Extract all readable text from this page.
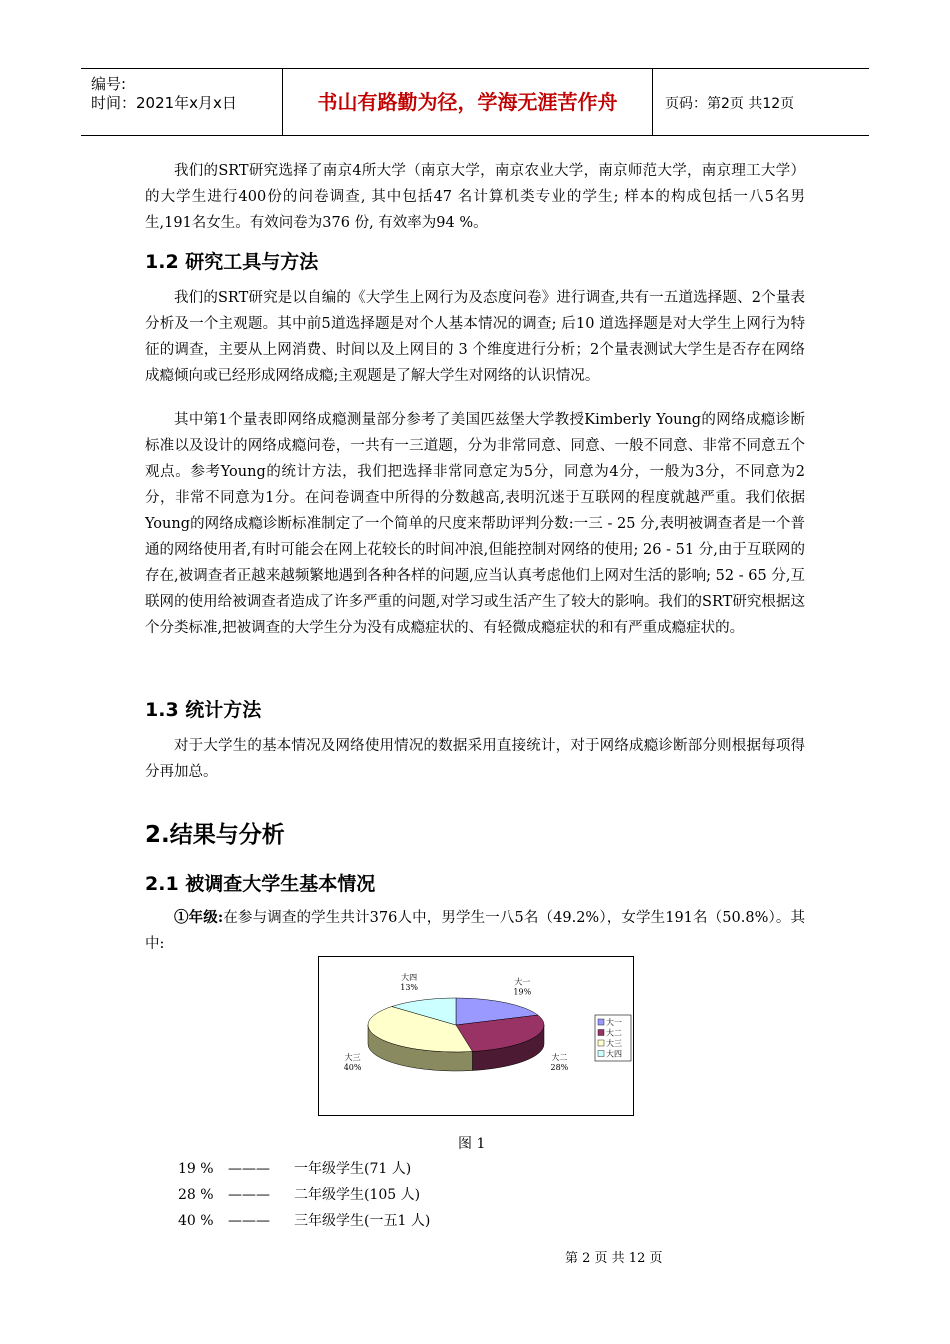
编号:
时间：2021年x月x日	书山有路勤为径，学海无涯苦作舟	页码：第2页 共12页

我们的SRT研究选择了南京4所大学（南京大学，南京农业大学，南京师范大学，南京理工大学）的大学生进行400份的问卷调查, 其中包括47 名计算机类专业的学生; 样本的构成包括一八5名男生,191名女生。有效问卷为376 份, 有效率为94 %。

1.2 研究工具与方法

我们的SRT研究是以自编的《大学生上网行为及态度问卷》进行调查,共有一五道选择题、2个量表分析及一个主观题。其中前5道选择题是对个人基本情况的调查; 后10 道选择题是对大学生上网行为特征的调查，主要从上网消费、时间以及上网目的 3 个维度进行分析；2个量表测试大学生是否存在网络成瘾倾向或已经形成网络成瘾;主观题是了解大学生对网络的认识情况。

其中第1个量表即网络成瘾测量部分参考了美国匹兹堡大学教授Kimberly Young的网络成瘾诊断标准以及设计的网络成瘾问卷，一共有一三道题，分为非常同意、同意、一般不同意、非常不同意五个观点。参考Young的统计方法，我们把选择非常同意定为5分，同意为4分，一般为3分，不同意为2分，非常不同意为1分。在问卷调查中所得的分数越高,表明沉迷于互联网的程度就越严重。我们依据Young的网络成瘾诊断标准制定了一个简单的尺度来帮助评判分数:一三 - 25 分,表明被调查者是一个普通的网络使用者,有时可能会在网上花较长的时间冲浪,但能控制对网络的使用; 26 - 51 分,由于互联网的存在,被调查者正越来越频繁地遇到各种各样的问题,应当认真考虑他们上网对生活的影响; 52 - 65 分,互联网的使用给被调查者造成了许多严重的问题,对学习或生活产生了较大的影响。我们的SRT研究根据这个分类标准,把被调查的大学生分为没有成瘾症状的、有轻微成瘾症状的和有严重成瘾症状的。

1.3 统计方法

对于大学生的基本情况及网络使用情况的数据采用直接统计，对于网络成瘾诊断部分则根据每项得分再加总。

2.结果与分析
2.1 被调查大学生基本情况

①年级:在参与调查的学生共计376人中，男学生一八5名（49.2%），女学生191名（50.8%）。其中:

大一
19%
大二
28%
大三
40%
大四
13%
大一
大二
大三
大四
图 1
19 % ——— 一年级学生(71 人)
28 % ——— 二年级学生(105 人)
40 % ——— 三年级学生(一五1 人)
第 2 页 共 12 页
